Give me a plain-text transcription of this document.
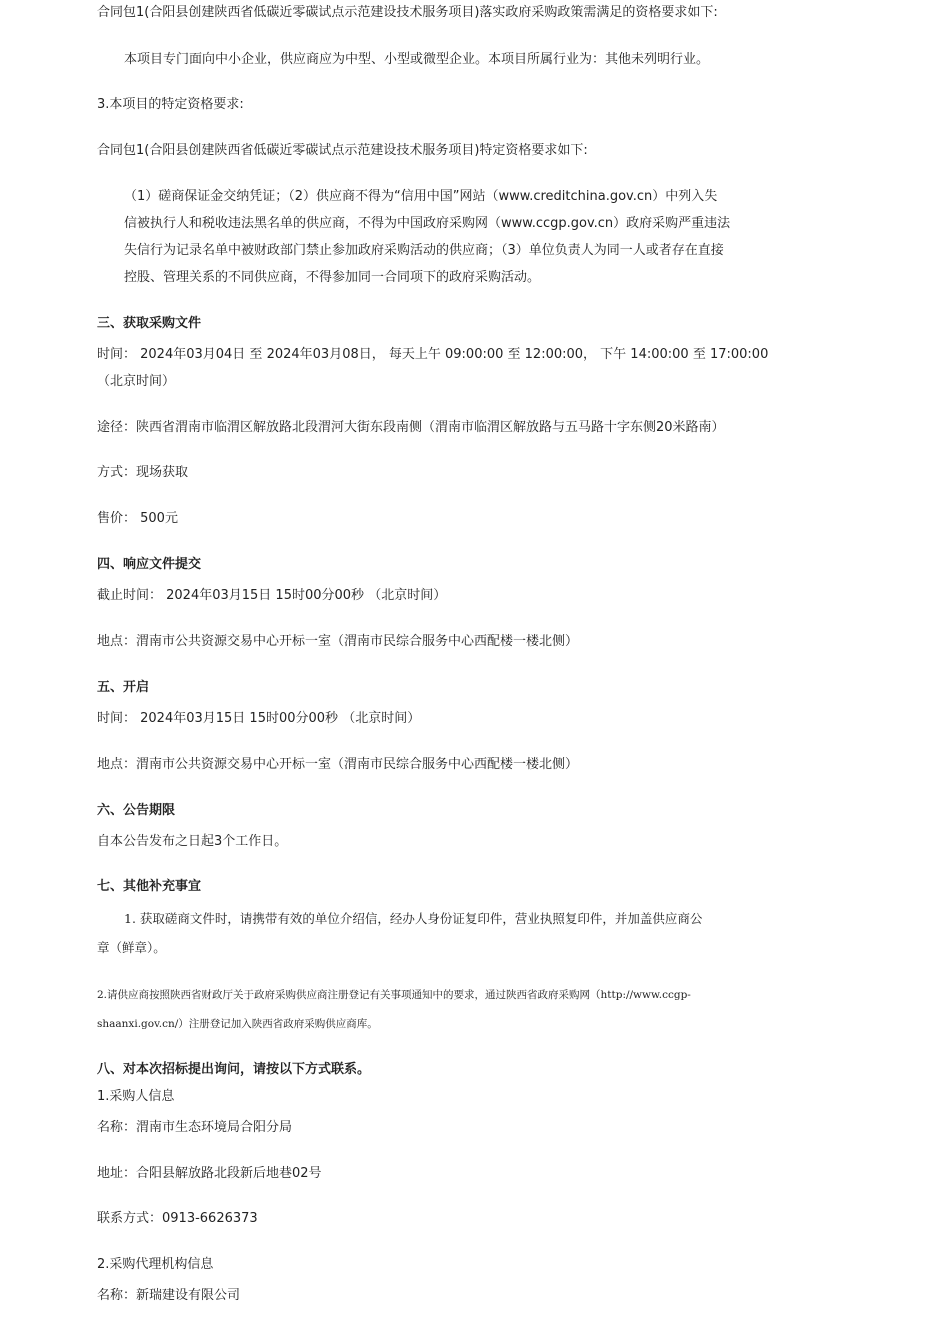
合同包1(合阳县创建陕西省低碳近零碳试点示范建设技术服务项目)落实政府采购政策需满足的资格要求如下:

本项目专门面向中小企业，供应商应为中型、小型或微型企业。本项目所属行业为：其他未列明行业。

3.本项目的特定资格要求:

合同包1(合阳县创建陕西省低碳近零碳试点示范建设技术服务项目)特定资格要求如下:

（1）磋商保证金交纳凭证；（2）供应商不得为“信用中国”网站（www.creditchina.gov.cn）中列入失

信被执行人和税收违法黑名单的供应商，不得为中国政府采购网（www.ccgp.gov.cn）政府采购严重违法

失信行为记录名单中被财政部门禁止参加政府采购活动的供应商；（3）单位负责人为同一人或者存在直接

控股、管理关系的不同供应商，不得参加同一合同项下的政府采购活动。

三、获取采购文件

时间： 2024年03月04日 至 2024年03月08日， 每天上午 09:00:00 至 12:00:00， 下午 14:00:00 至 17:00:00

（北京时间）

途径：陕西省渭南市临渭区解放路北段渭河大街东段南侧（渭南市临渭区解放路与五马路十字东侧20米路南）

方式：现场获取

售价： 500元

四、响应文件提交

截止时间： 2024年03月15日 15时00分00秒 （北京时间）

地点：渭南市公共资源交易中心开标一室（渭南市民综合服务中心西配楼一楼北侧）

五、开启

时间： 2024年03月15日 15时00分00秒 （北京时间）

地点：渭南市公共资源交易中心开标一室（渭南市民综合服务中心西配楼一楼北侧）

六、公告期限

自本公告发布之日起3个工作日。

七、其他补充事宜

1. 获取磋商文件时，请携带有效的单位介绍信，经办人身份证复印件，营业执照复印件，并加盖供应商公

章（鲜章）。

2.请供应商按照陕西省财政厅关于政府采购供应商注册登记有关事项通知中的要求，通过陕西省政府采购网（http://www.ccgp-

shaanxi.gov.cn/）注册登记加入陕西省政府采购供应商库。

八、对本次招标提出询问，请按以下方式联系。

1.采购人信息

名称：渭南市生态环境局合阳分局

地址：合阳县解放路北段新后地巷02号

联系方式：0913-6626373

2.采购代理机构信息

名称：新瑞建设有限公司
